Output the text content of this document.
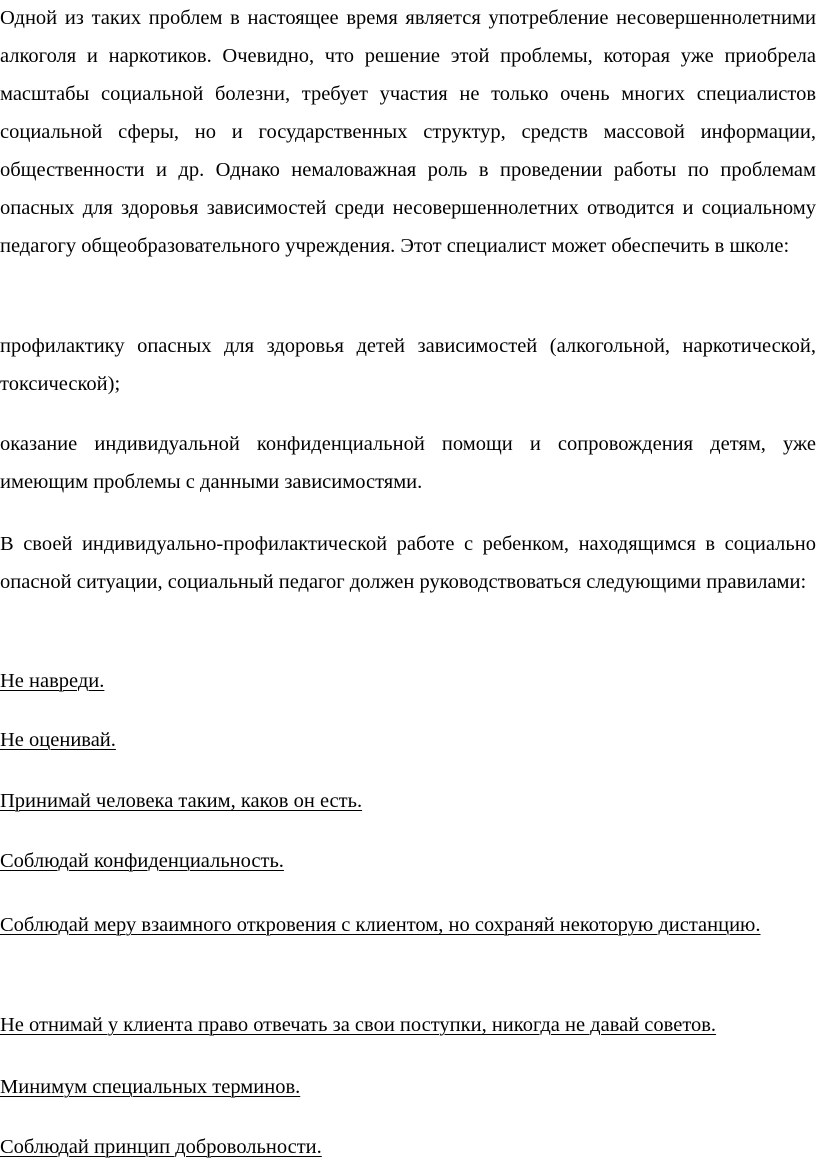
Одной из таких проблем в настоящее время является употребление несовершеннолетними алкоголя и наркотиков. Очевидно, что решение этой проблемы, которая уже приобрела масштабы социальной болезни, требует участия не только очень многих специалистов социальной сферы, но и государственных структур, средств массовой информации, общественности и др. Однако немаловажная роль в проведении работы по проблемам опасных для здоровья зависимостей среди несовершеннолетних отводится и социальному педагогу общеобразовательного учреждения. Этот специалист может обеспечить в школе:

профилактику опасных для здоровья детей зависимостей (алкогольной, наркотической, токсической);

оказание индивидуальной конфиденциальной помощи и сопровождения детям, уже имеющим проблемы с данными зависимостями.

В своей индивидуально-профилактической работе с ребенком, находящимся в социально опасной ситуации, социальный педагог должен руководствоваться следующими правилами:

Не навреди.

Не оценивай.

Принимай человека таким, каков он есть.

Соблюдай конфиденциальность.

Соблюдай меру взаимного откровения с клиентом, но сохраняй некоторую дистанцию.

Не отнимай у клиента право отвечать за свои поступки, никогда не давай советов.

Минимум специальных терминов.

Соблюдай принцип добровольности.
